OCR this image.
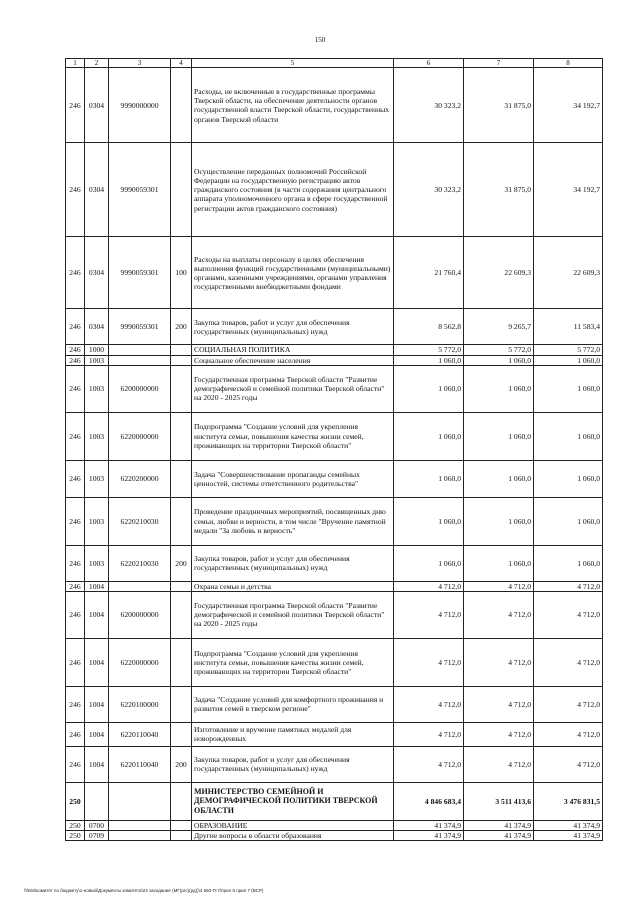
150
1	2	3	4	5	6	7	8
246	0304	9990000000		Расходы, не включенные в государственные программы Тверской области, на обеспечение деятельности органов государственной власти Тверской области, государственных органов Тверской области	30 323,2	31 875,0	34 192,7
246	0304	9990059301		Осуществление переданных полномочий Российской Федерации на государственную регистрацию актов гражданского состояния (в части содержания центрального аппарата уполномоченного органа в сфере государственной регистрации актов гражданского состояния)	30 323,2	31 875,0	34 192,7
246	0304	9990059301	100	Расходы на выплаты персоналу в целях обеспечения выполнения функций государственными (муниципальными) органами, казенными учреждениями, органами управления государственными внебюджетными фондами	21 760,4	22 609,3	22 609,3
246	0304	9990059301	200	Закупка товаров, работ и услуг для обеспечения государственных (муниципальных) нужд	8 562,8	9 265,7	11 583,4
246	1000			СОЦИАЛЬНАЯ ПОЛИТИКА	5 772,0	5 772,0	5 772,0
246	1003			Социальное обеспечение населения	1 060,0	1 060,0	1 060,0
246	1003	6200000000		Государственная программа Тверской области "Развитие демографической и семейной политики Тверской области" на 2020 - 2025 годы	1 060,0	1 060,0	1 060,0
246	1003	6220000000		Подпрограмма "Создание условий для укрепления института семьи, повышения качества жизни семей, проживающих на территории Тверской области"	1 060,0	1 060,0	1 060,0
246	1003	6220200000		Задача "Совершенствование пропаганды семейных ценностей, системы ответственного родительства"	1 060,0	1 060,0	1 060,0
246	1003	6220210030		Проведение праздничных мероприятий, посвященных дню семьи, любви и верности, в том числе "Вручение памятной медали "За любовь и верность"	1 060,0	1 060,0	1 060,0
246	1003	6220210030	200	Закупка товаров, работ и услуг для обеспечения государственных (муниципальных) нужд	1 060,0	1 060,0	1 060,0
246	1004			Охрана семьи и детства	4 712,0	4 712,0	4 712,0
246	1004	6200000000		Государственная программа Тверской области "Развитие демографической и семейной политики Тверской области" на 2020 - 2025 годы	4 712,0	4 712,0	4 712,0
246	1004	6220000000		Подпрограмма "Создание условий для укрепления института семьи, повышения качества жизни семей, проживающих на территории Тверской области"	4 712,0	4 712,0	4 712,0
246	1004	6220100000		Задача "Создание условий для комфортного проживания и развития семей в тверском регионе"	4 712,0	4 712,0	4 712,0
246	1004	6220110040		Изготовление и вручение памятных медалей для новорожденных	4 712,0	4 712,0	4 712,0
246	1004	6220110040	200	Закупка товаров, работ и услуг для обеспечения государственных (муниципальных) нужд	4 712,0	4 712,0	4 712,0
250				МИНИСТЕРСТВО СЕМЕЙНОЙ И ДЕМОГРАФИЧЕСКОЙ ПОЛИТИКИ ТВЕРСКОЙ ОБЛАСТИ	4 846 683,4	3 511 413,6	3 476 831,5
250	0700			ОБРАЗОВАНИЕ	41 374,9	41 374,9	41 374,9
250	0709			Другие вопросы в области образования	41 374,9	41 374,9	41 374,9
\\fs02\комитет по бюджету\1-новый\Документы комитета\24 заседание (МГ(ргс)(рд))\4 660-П-7\прил 6 прил 7 (ВСР)
